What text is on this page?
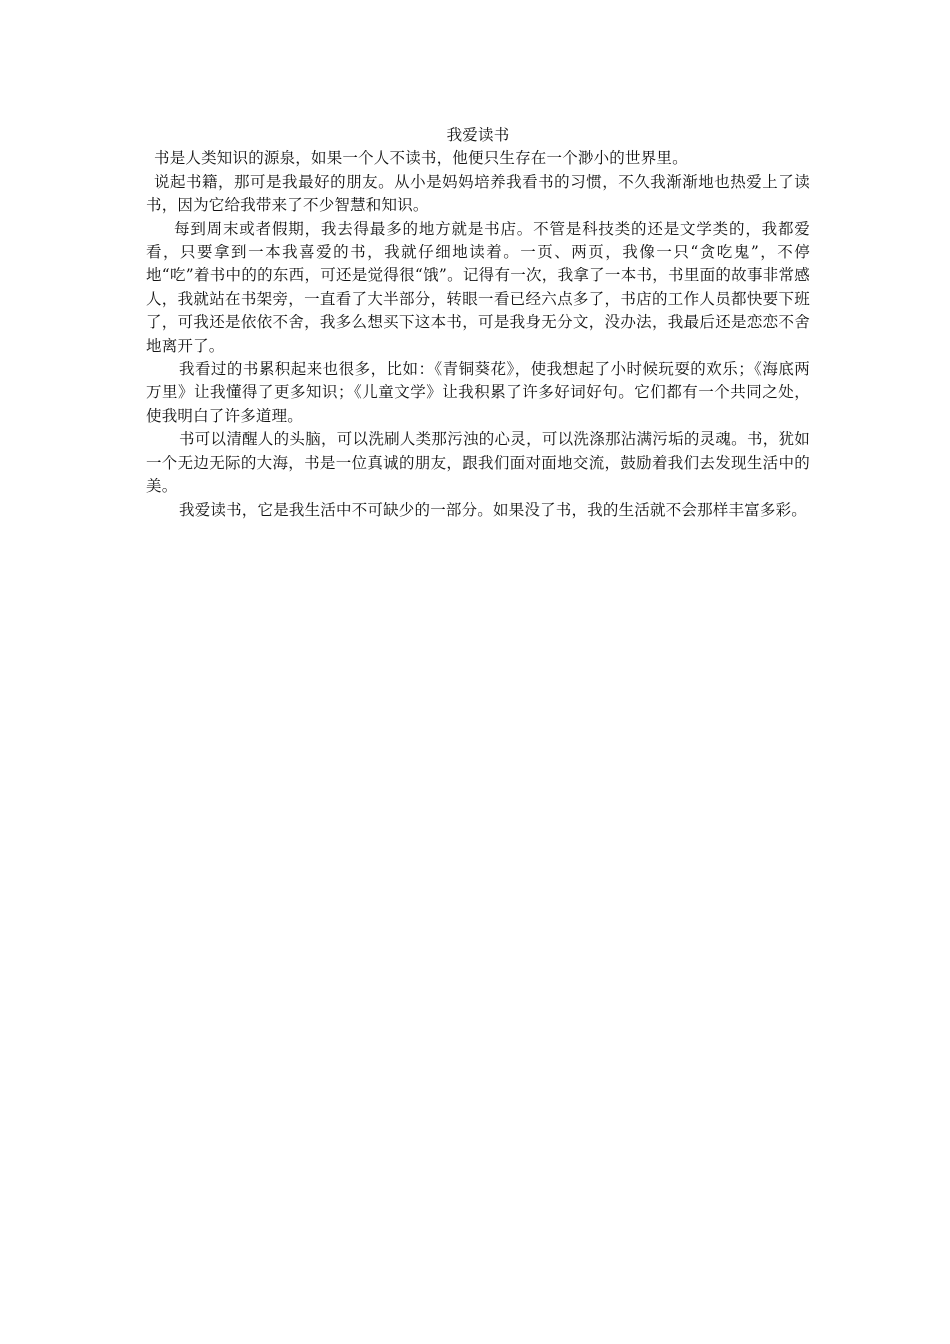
我爱读书

书是人类知识的源泉，如果一个人不读书，他便只生存在一个渺小的世界里。

说起书籍，那可是我最好的朋友。从小是妈妈培养我看书的习惯，不久我渐渐地也热爱上了读书，因为它给我带来了不少智慧和知识。

每到周末或者假期，我去得最多的地方就是书店。不管是科技类的还是文学类的，我都爱看，只要拿到一本我喜爱的书，我就仔细地读着。一页、两页，我像一只“贪吃鬼”，不停地“吃”着书中的的东西，可还是觉得很“饿”。记得有一次，我拿了一本书，书里面的故事非常感人，我就站在书架旁，一直看了大半部分，转眼一看已经六点多了，书店的工作人员都快要下班了，可我还是依依不舍，我多么想买下这本书，可是我身无分文，没办法，我最后还是恋恋不舍地离开了。

我看过的书累积起来也很多，比如：《青铜葵花》，使我想起了小时候玩耍的欢乐；《海底两万里》让我懂得了更多知识；《儿童文学》让我积累了许多好词好句。它们都有一个共同之处，使我明白了许多道理。

书可以清醒人的头脑，可以洗刷人类那污浊的心灵，可以洗涤那沾满污垢的灵魂。书，犹如一个无边无际的大海，书是一位真诚的朋友，跟我们面对面地交流，鼓励着我们去发现生活中的美。

我爱读书，它是我生活中不可缺少的一部分。如果没了书，我的生活就不会那样丰富多彩。
